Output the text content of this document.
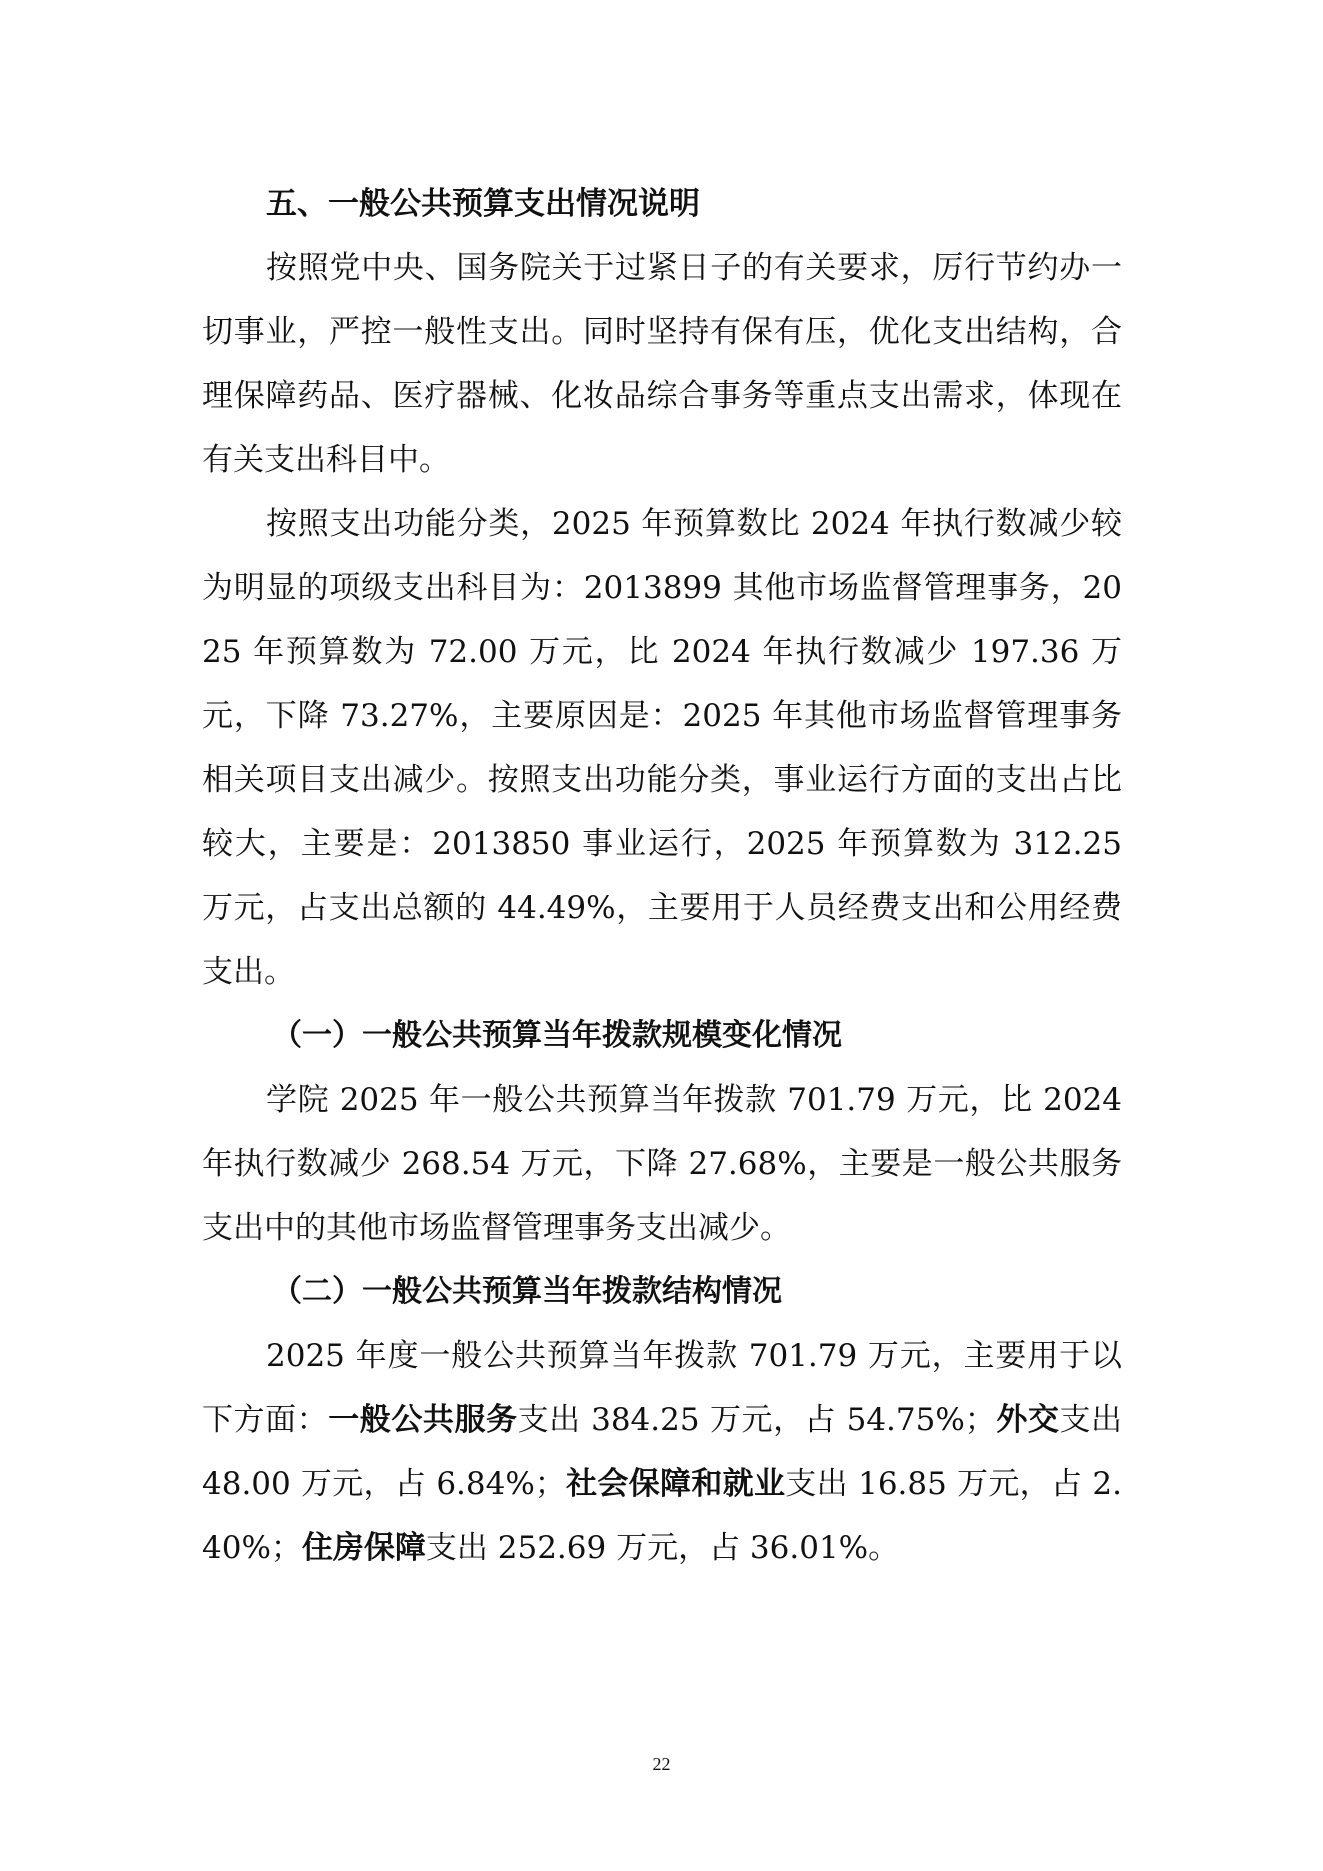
五、一般公共预算支出情况说明

按照党中央、国务院关于过紧日子的有关要求，厉行节约办一切事业，严控一般性支出。同时坚持有保有压，优化支出结构，合理保障药品、医疗器械、化妆品综合事务等重点支出需求，体现在有关支出科目中。

按照支出功能分类，2025 年预算数比 2024 年执行数减少较为明显的项级支出科目为：2013899 其他市场监督管理事务，2025 年预算数为 72.00 万元，比 2024 年执行数减少 197.36 万元，下降 73.27%，主要原因是：2025 年其他市场监督管理事务相关项目支出减少。按照支出功能分类，事业运行方面的支出占比较大，主要是：2013850 事业运行，2025 年预算数为 312.25 万元，占支出总额的 44.49%，主要用于人员经费支出和公用经费支出。

（一）一般公共预算当年拨款规模变化情况

学院 2025 年一般公共预算当年拨款 701.79 万元，比 2024 年执行数减少 268.54 万元，下降 27.68%，主要是一般公共服务支出中的其他市场监督管理事务支出减少。

（二）一般公共预算当年拨款结构情况

2025 年度一般公共预算当年拨款 701.79 万元，主要用于以下方面：一般公共服务支出 384.25 万元，占 54.75%；外交支出 48.00 万元，占 6.84%；社会保障和就业支出 16.85 万元，占 2.40%；住房保障支出 252.69 万元，占 36.01%。

22
